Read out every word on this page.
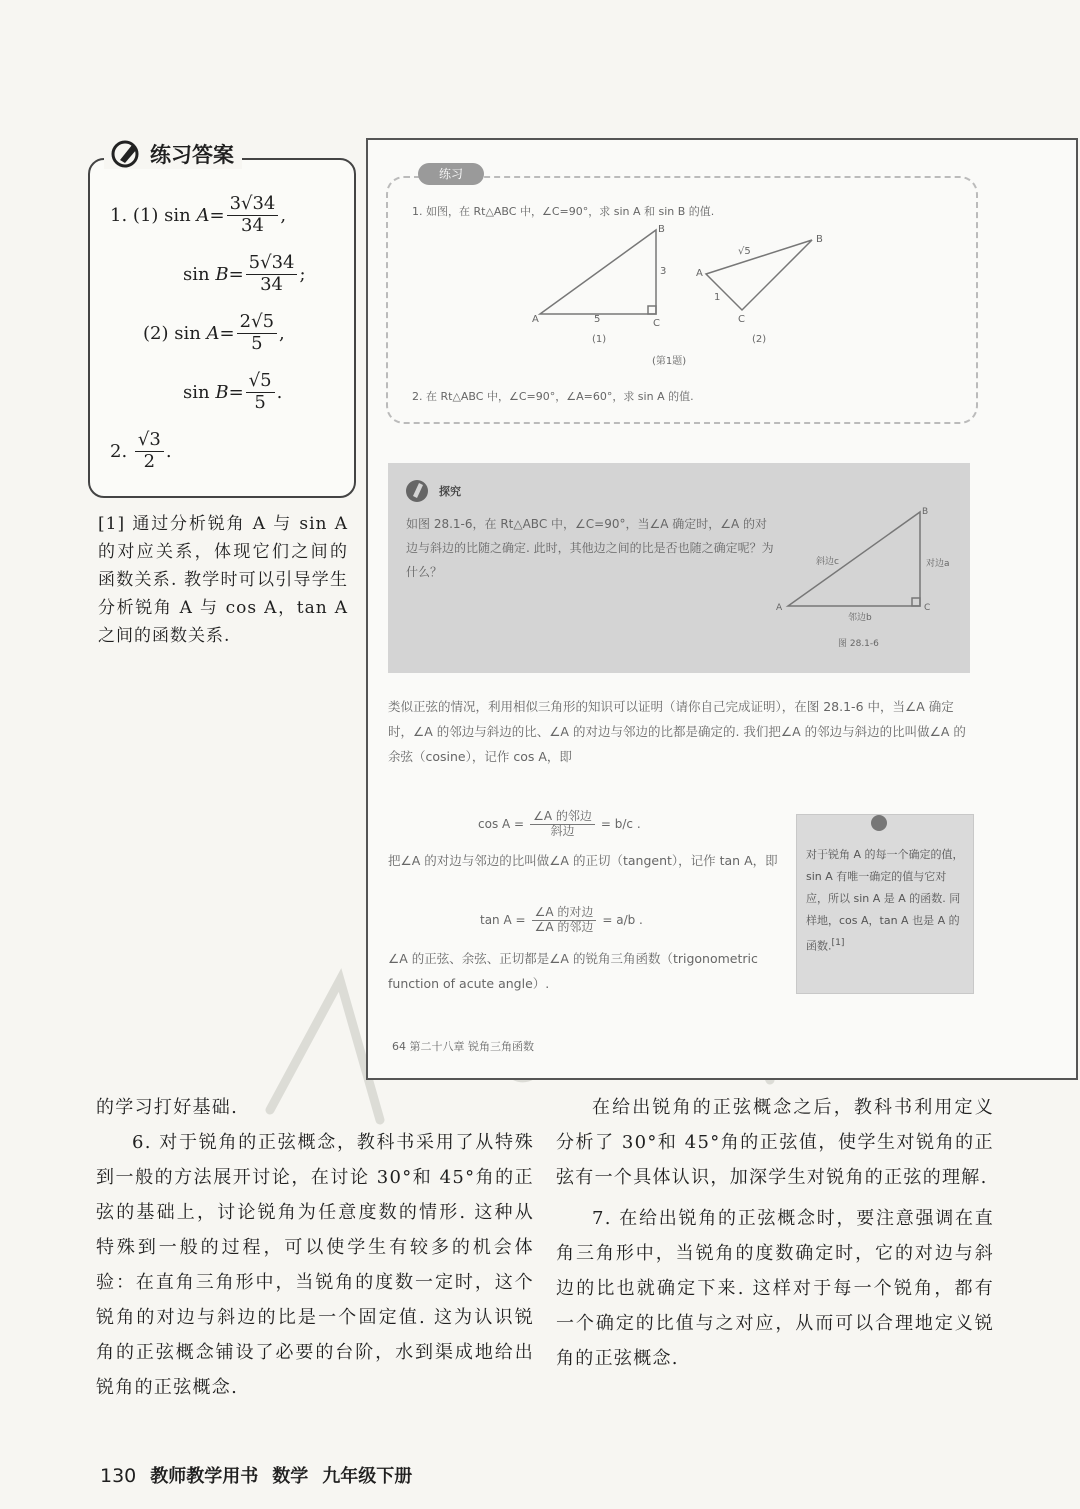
练习答案
1.
(1) sin
$A = \frac{3√34}{34}$ ,
sin
$B = \frac{5√34}{34}$ ;
(2) sin
$A = \frac{2√5}{5}$ ,
sin
$B = \frac{√5}{5}$ .
2.
$\frac{√3}{2}$ .
[1] 通过分析锐角 A 与 sin A 的对应关系，体现它们之间的函数关系. 教学时可以引导学生分析锐角 A 与 cos A，tan A 之间的函数关系.
练习
1. 如图，在 Rt△ABC 中，∠C=90°，求 sin A 和 sin B 的值.
A
B
C
5
3	A
B
C
√5
1
(1)	(2)
(第1题)
2. 在 Rt△ABC 中，∠C=90°，∠A=60°，求 sin A 的值.
探究
如图 28.1-6，在 Rt△ABC 中，∠C=90°，当∠A 确定时，∠A 的对边与斜边的比随之确定. 此时，其他边之间的比是否也随之确定呢？为什么？
A
B
C
斜边c	对边a
邻边b
图 28.1-6
类似正弦的情况，利用相似三角形的知识可以证明（请你自己完成证明），在图 28.1-6 中，当∠A 确定时，∠A 的邻边与斜边的比、∠A 的对边与邻边的比都是确定的. 我们把∠A 的邻边与斜边的比叫做∠A 的余弦（cosine），记作 cos A，即
$\cos A = \frac{\text{∠A 的邻边}}{\text{斜边}} = b/c$ .
把∠A 的对边与邻边的比叫做∠A 的正切（tangent），记作 tan A，即
$\tan A = \frac{\text{∠A 的对边}}{\text{∠A 的邻边}} = a/b$ .
∠A 的正弦、余弦、正切都是∠A 的锐角三角函数（trigonometric function of acute angle）.
对于锐角 A 的每一个确定的值，sin A 有唯一确定的值与它对应，所以 sin A 是 A 的函数. 同样地，cos A，tan A 也是 A 的函数.[1]
64 第二十八章 锐角三角函数

的学习打好基础.

6. 对于锐角的正弦概念，教科书采用了从特殊到一般的方法展开讨论，在讨论 30°和 45°角的正弦的基础上，讨论锐角为任意度数的情形. 这种从特殊到一般的过程，可以使学生有较多的机会体验：在直角三角形中，当锐角的度数一定时，这个锐角的对边与斜边的比是一个固定值. 这为认识锐角的正弦概念铺设了必要的台阶，水到渠成地给出锐角的正弦概念.

在给出锐角的正弦概念之后，教科书利用定义分析了 30°和 45°角的正弦值，使学生对锐角的正弦有一个具体认识，加深学生对锐角的正弦的理解.

7. 在给出锐角的正弦概念时，要注意强调在直角三角形中，当锐角的度数确定时，它的对边与斜边的比也就确定下来. 这样对于每一个锐角，都有一个确定的比值与之对应，从而可以合理地定义锐角的正弦概念.

130 教师教学用书 数学 九年级下册
